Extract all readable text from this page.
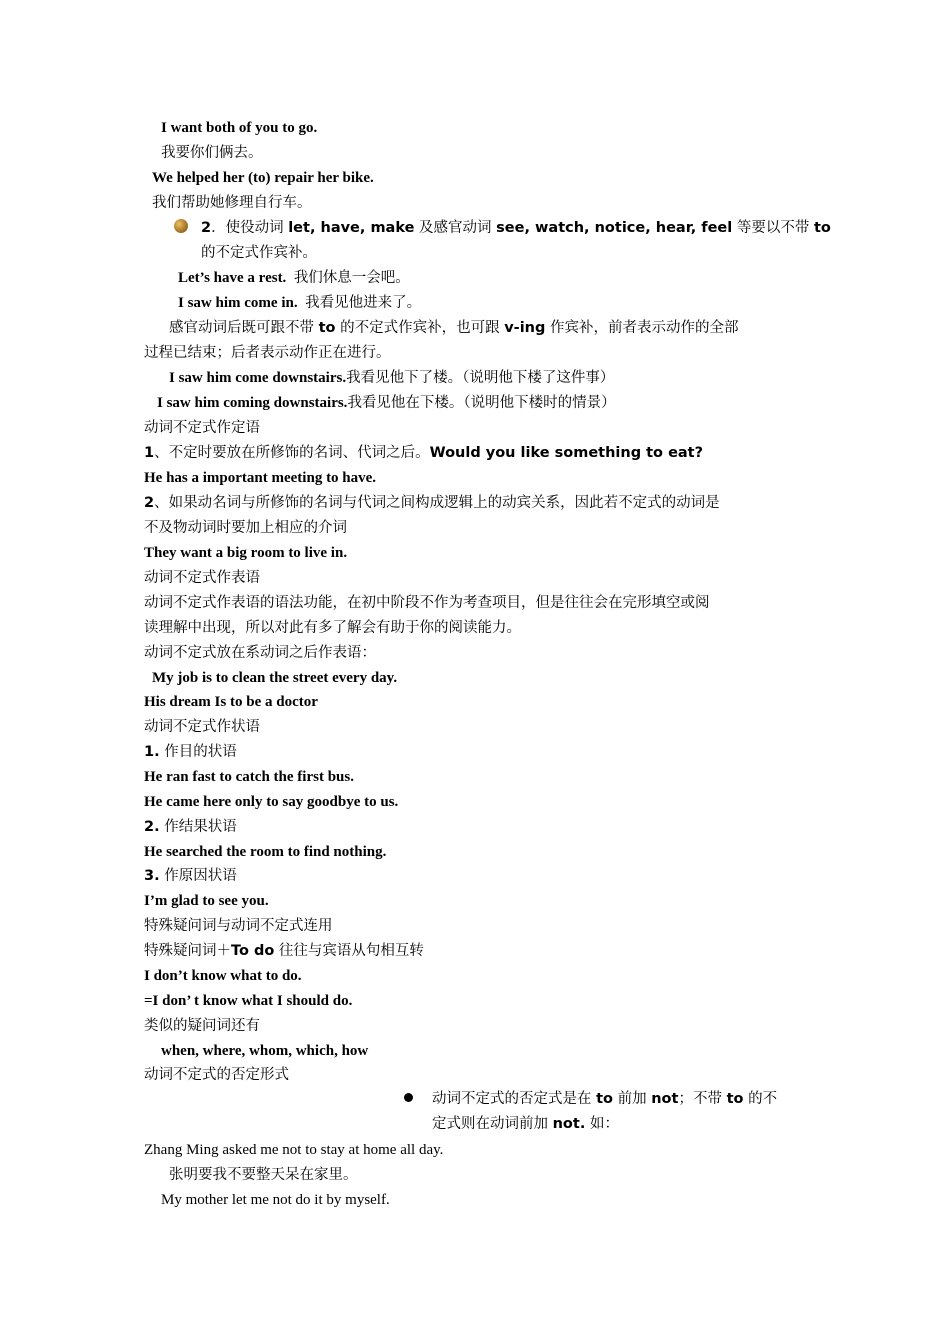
I want both of you to go.
我要你们俩去。
We helped her (to) repair her bike.
我们帮助她修理自行车。
2．使役动词 let, have, make 及感官动词 see, watch, notice, hear, feel 等要以不带 to
的不定式作宾补。
Let’s have a rest. 我们休息一会吧。
I saw him come in. 我看见他进来了。
感官动词后既可跟不带 to 的不定式作宾补，也可跟 v-ing 作宾补，前者表示动作的全部
过程已结束；后者表示动作正在进行。
I saw him come downstairs.我看见他下了楼。（说明他下楼了这件事）
I saw him coming downstairs.我看见他在下楼。（说明他下楼时的情景）
动词不定式作定语
1、不定时要放在所修饰的名词、代词之后。Would you like something to eat?
He has a important meeting to have.
2、如果动名词与所修饰的名词与代词之间构成逻辑上的动宾关系，因此若不定式的动词是
不及物动词时要加上相应的介词
They want a big room to live in.
动词不定式作表语
动词不定式作表语的语法功能，在初中阶段不作为考查项目，但是往往会在完形填空或阅
读理解中出现，所以对此有多了解会有助于你的阅读能力。
动词不定式放在系动词之后作表语：
My job is to clean the street every day.
His dream Is to be a doctor
动词不定式作状语
1. 作目的状语
He ran fast to catch the first bus.
He came here only to say goodbye to us.
2. 作结果状语
He searched the room to find nothing.
3. 作原因状语
I’m glad to see you.
特殊疑问词与动词不定式连用
特殊疑问词＋To do 往往与宾语从句相互转
I don’t know what to do.
=I don’ t know what I should do.
类似的疑问词还有
when, where, whom, which, how
动词不定式的否定形式
动词不定式的否定式是在 to 前加 not；不带 to 的不
定式则在动词前加 not. 如：
Zhang Ming asked me not to stay at home all day.
张明要我不要整天呆在家里。
My mother let me not do it by myself.
